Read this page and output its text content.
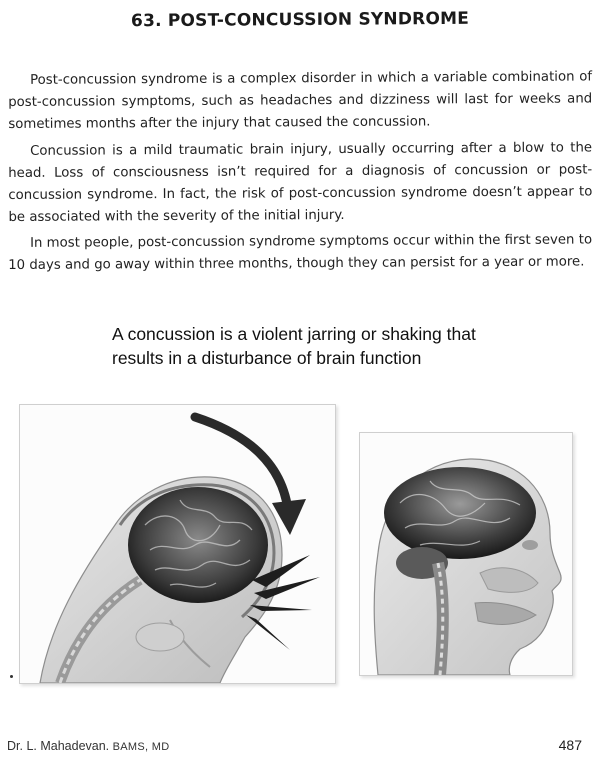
63. POST-CONCUSSION SYNDROME

Post-concussion syndrome is a complex disorder in which a variable combination of post-concussion symptoms, such as headaches and dizziness will last for weeks and sometimes months after the injury that caused the concussion.

Concussion is a mild traumatic brain injury, usually occurring after a blow to the head. Loss of consciousness isn’t required for a diagnosis of concussion or post-concussion syndrome. In fact, the risk of post-concussion syndrome doesn’t appear to be associated with the severity of the initial injury.

In most people, post-concussion syndrome symptoms occur within the first seven to 10 days and go away within three months, though they can persist for a year or more.

A concussion is a violent jarring or shaking that results in a disturbance of brain function

Dr. L. Mahadevan. BAMS, MD	487
